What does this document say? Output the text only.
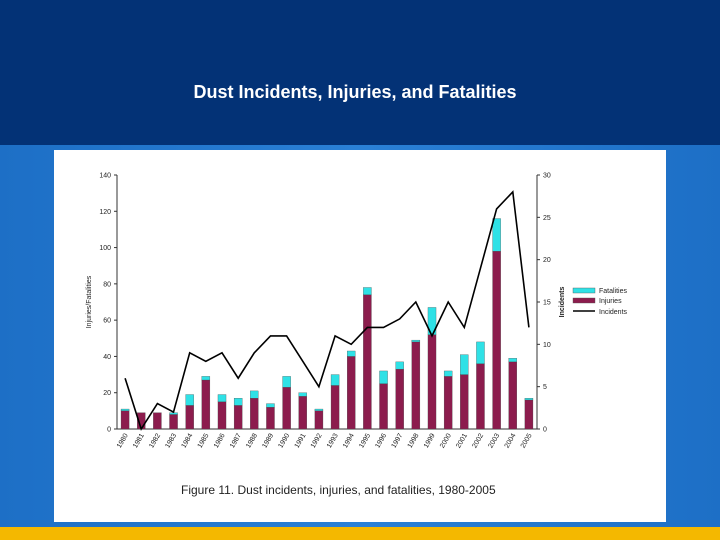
Dust Incidents, Injuries, and Fatalities
0
20
40
60
80
100
120
140
0
5
10
15
20
25
30
1980 1981 1982 1983 1984 1985 1986 1987 1988 1989 1990 1991 1992 1993 1994 1995 1996 1997 1998 1999 2000 2001 2002 2003 2004 2005
Injuries/Fatalities	Incidents	Fatalities
Injuries
Incidents
Figure 11. Dust incidents, injuries, and fatalities, 1980-2005
